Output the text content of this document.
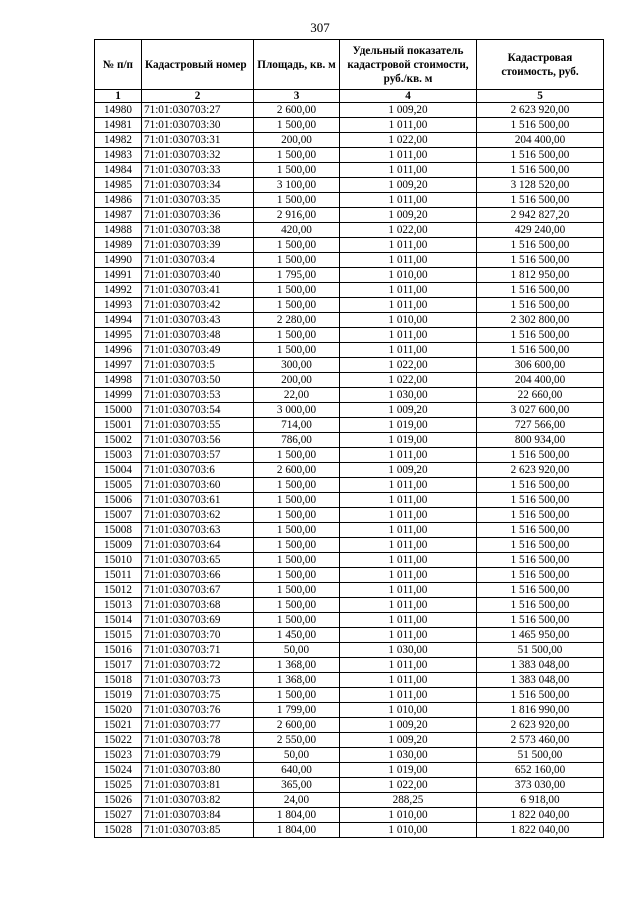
307
№ п/п	Кадастровый номер	Площадь, кв. м	Удельный показатель кадастровой стоимости, руб./кв. м	Кадастровая стоимость, руб.
1	2	3	4	5
14980	71:01:030703:27	2 600,00	1 009,20	2 623 920,00
14981	71:01:030703:30	1 500,00	1 011,00	1 516 500,00
14982	71:01:030703:31	200,00	1 022,00	204 400,00
14983	71:01:030703:32	1 500,00	1 011,00	1 516 500,00
14984	71:01:030703:33	1 500,00	1 011,00	1 516 500,00
14985	71:01:030703:34	3 100,00	1 009,20	3 128 520,00
14986	71:01:030703:35	1 500,00	1 011,00	1 516 500,00
14987	71:01:030703:36	2 916,00	1 009,20	2 942 827,20
14988	71:01:030703:38	420,00	1 022,00	429 240,00
14989	71:01:030703:39	1 500,00	1 011,00	1 516 500,00
14990	71:01:030703:4	1 500,00	1 011,00	1 516 500,00
14991	71:01:030703:40	1 795,00	1 010,00	1 812 950,00
14992	71:01:030703:41	1 500,00	1 011,00	1 516 500,00
14993	71:01:030703:42	1 500,00	1 011,00	1 516 500,00
14994	71:01:030703:43	2 280,00	1 010,00	2 302 800,00
14995	71:01:030703:48	1 500,00	1 011,00	1 516 500,00
14996	71:01:030703:49	1 500,00	1 011,00	1 516 500,00
14997	71:01:030703:5	300,00	1 022,00	306 600,00
14998	71:01:030703:50	200,00	1 022,00	204 400,00
14999	71:01:030703:53	22,00	1 030,00	22 660,00
15000	71:01:030703:54	3 000,00	1 009,20	3 027 600,00
15001	71:01:030703:55	714,00	1 019,00	727 566,00
15002	71:01:030703:56	786,00	1 019,00	800 934,00
15003	71:01:030703:57	1 500,00	1 011,00	1 516 500,00
15004	71:01:030703:6	2 600,00	1 009,20	2 623 920,00
15005	71:01:030703:60	1 500,00	1 011,00	1 516 500,00
15006	71:01:030703:61	1 500,00	1 011,00	1 516 500,00
15007	71:01:030703:62	1 500,00	1 011,00	1 516 500,00
15008	71:01:030703:63	1 500,00	1 011,00	1 516 500,00
15009	71:01:030703:64	1 500,00	1 011,00	1 516 500,00
15010	71:01:030703:65	1 500,00	1 011,00	1 516 500,00
15011	71:01:030703:66	1 500,00	1 011,00	1 516 500,00
15012	71:01:030703:67	1 500,00	1 011,00	1 516 500,00
15013	71:01:030703:68	1 500,00	1 011,00	1 516 500,00
15014	71:01:030703:69	1 500,00	1 011,00	1 516 500,00
15015	71:01:030703:70	1 450,00	1 011,00	1 465 950,00
15016	71:01:030703:71	50,00	1 030,00	51 500,00
15017	71:01:030703:72	1 368,00	1 011,00	1 383 048,00
15018	71:01:030703:73	1 368,00	1 011,00	1 383 048,00
15019	71:01:030703:75	1 500,00	1 011,00	1 516 500,00
15020	71:01:030703:76	1 799,00	1 010,00	1 816 990,00
15021	71:01:030703:77	2 600,00	1 009,20	2 623 920,00
15022	71:01:030703:78	2 550,00	1 009,20	2 573 460,00
15023	71:01:030703:79	50,00	1 030,00	51 500,00
15024	71:01:030703:80	640,00	1 019,00	652 160,00
15025	71:01:030703:81	365,00	1 022,00	373 030,00
15026	71:01:030703:82	24,00	288,25	6 918,00
15027	71:01:030703:84	1 804,00	1 010,00	1 822 040,00
15028	71:01:030703:85	1 804,00	1 010,00	1 822 040,00
